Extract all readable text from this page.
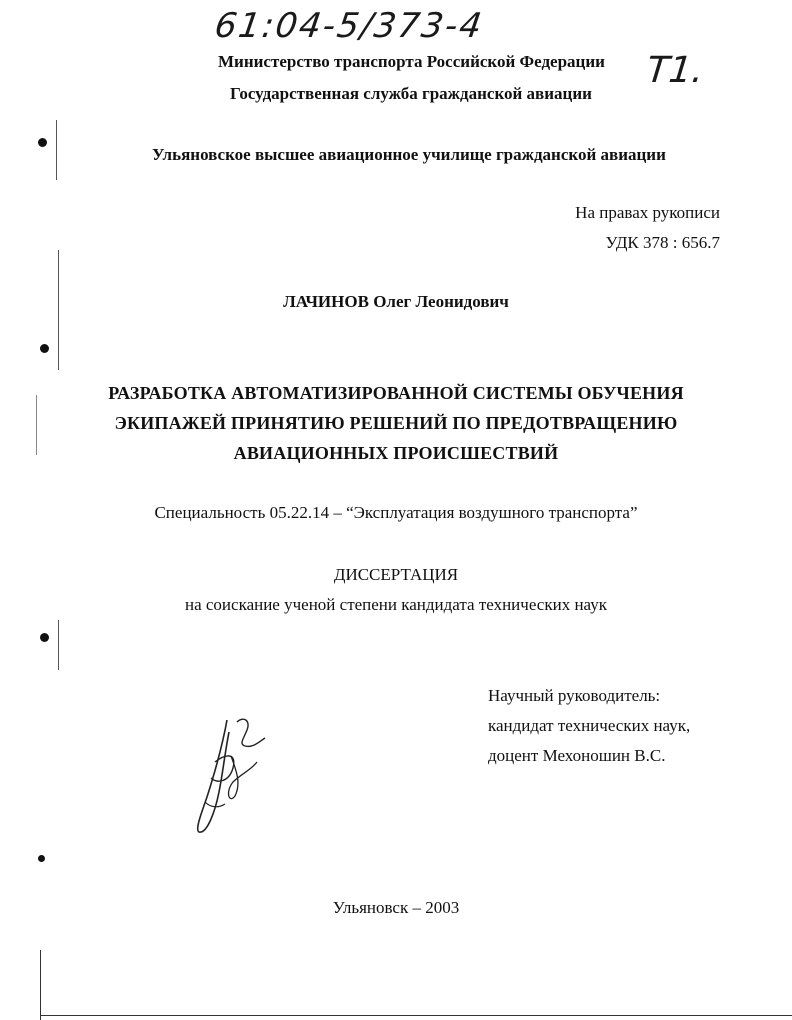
61:04-5/373-4
Т1.
Министерство транспорта Российской Федерации
Государственная служба гражданской авиации
Ульяновское высшее авиационное училище гражданской авиации
На правах рукописи
УДК 378 : 656.7
ЛАЧИНОВ Олег Леонидович
РАЗРАБОТКА АВТОМАТИЗИРОВАННОЙ СИСТЕМЫ ОБУЧЕНИЯ
ЭКИПАЖЕЙ ПРИНЯТИЮ РЕШЕНИЙ ПО ПРЕДОТВРАЩЕНИЮ
АВИАЦИОННЫХ ПРОИСШЕСТВИЙ
Специальность 05.22.14 – “Эксплуатация воздушного транспорта”
ДИССЕРТАЦИЯ
на соискание ученой степени кандидата технических наук
Научный руководитель:
кандидат технических наук,
доцент Мехоношин В.С.
Ульяновск – 2003
